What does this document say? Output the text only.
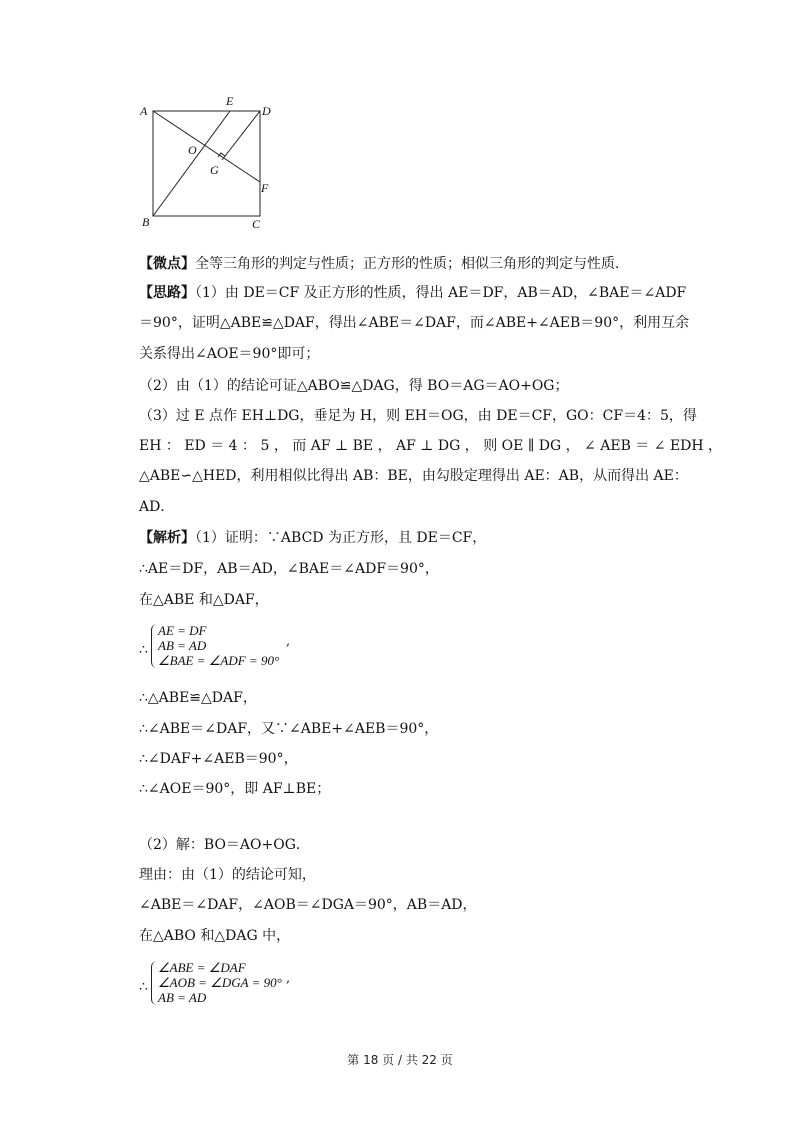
A
E
D
O
G
F
B	C
【微点】全等三角形的判定与性质；正方形的性质；相似三角形的判定与性质．
【思路】（1）由 DE＝CF 及正方形的性质，得出 AE＝DF，AB＝AD，∠BAE＝∠ADF
＝90°，证明△ABE≌△DAF，得出∠ABE＝∠DAF，而∠ABE+∠AEB＝90°，利用互余
关系得出∠AOE＝90°即可；
（2）由（1）的结论可证△ABO≌△DAG，得 BO＝AG＝AO+OG；
（3）过 E 点作 EH⊥DG，垂足为 H，则 EH＝OG，由 DE＝CF，GO：CF＝4：5，得
EH ： ED ＝ 4 ： 5 ， 而 AF ⊥ BE ， AF ⊥ DG ， 则 OE ∥ DG ， ∠ AEB ＝ ∠ EDH ，
△ABE∽△HED，利用相似比得出 AB：BE，由勾股定理得出 AE：AB，从而得出 AE：
AD．
【解析】（1）证明：∵ABCD 为正方形，且 DE＝CF，
∴AE＝DF，AB＝AD，∠BAE＝∠ADF＝90°，
在△ABE 和△DAF，
∴
AE = DF
AB = AD
∠BAE = ∠ADF = 90°
,
∴△ABE≌△DAF，
∴∠ABE＝∠DAF，又∵∠ABE+∠AEB＝90°，
∴∠DAF+∠AEB＝90°，
∴∠AOE＝90°，即 AF⊥BE；
（2）解：BO＝AO+OG．
理由：由（1）的结论可知，
∠ABE＝∠DAF，∠AOB＝∠DGA＝90°，AB＝AD，
在△ABO 和△DAG 中，
∴
∠ABE = ∠DAF
∠AOB = ∠DGA = 90°
AB = AD
,
第 18 页 / 共 22 页
